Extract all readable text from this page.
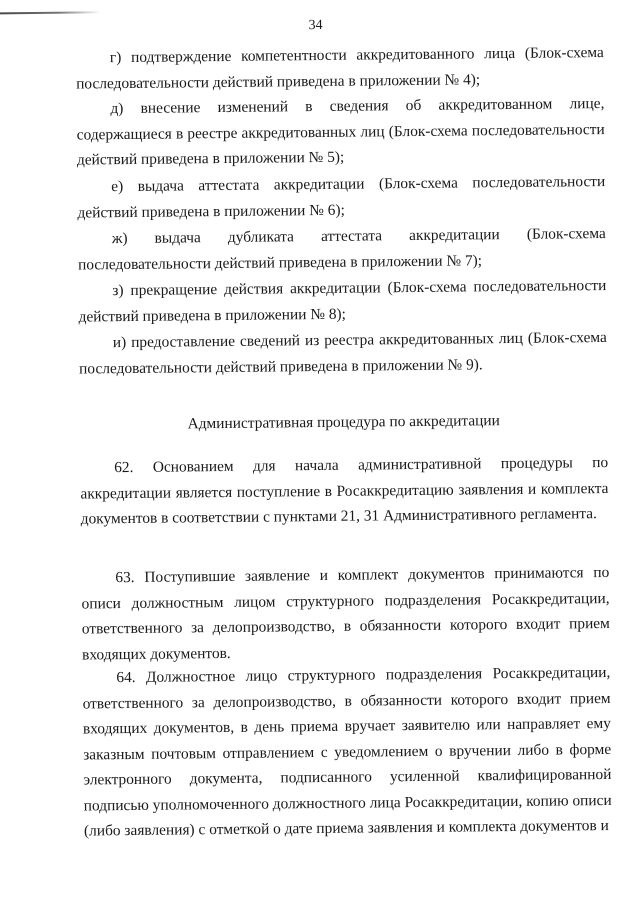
34

г) подтверждение компетентности аккредитованного лица (Блок-схема последовательности действий приведена в приложении № 4);

д) внесение изменений в сведения об аккредитованном лице, содержащиеся в реестре аккредитованных лиц (Блок-схема последовательности действий приведена в приложении № 5);

е) выдача аттестата аккредитации (Блок-схема последовательности действий приведена в приложении № 6);

ж) выдача дубликата аттестата аккредитации (Блок-схема последовательности действий приведена в приложении № 7);

з) прекращение действия аккредитации (Блок-схема последовательности действий приведена в приложении № 8);

и) предоставление сведений из реестра аккредитованных лиц (Блок-схема последовательности действий приведена в приложении № 9).

Административная процедура по аккредитации

62. Основанием для начала административной процедуры по аккредитации является поступление в Росаккредитацию заявления и комплекта документов в соответствии с пунктами 21, 31 Административного регламента.

63. Поступившие заявление и комплект документов принимаются по описи должностным лицом структурного подразделения Росаккредитации, ответственного за делопроизводство, в обязанности которого входит прием входящих документов.

64. Должностное лицо структурного подразделения Росаккредитации, ответственного за делопроизводство, в обязанности которого входит прием входящих документов, в день приема вручает заявителю или направляет ему заказным почтовым отправлением с уведомлением о вручении либо в форме электронного документа, подписанного усиленной квалифицированной подписью уполномоченного должностного лица Росаккредитации, копию описи (либо заявления) с отметкой о дате приема заявления и комплекта документов и
